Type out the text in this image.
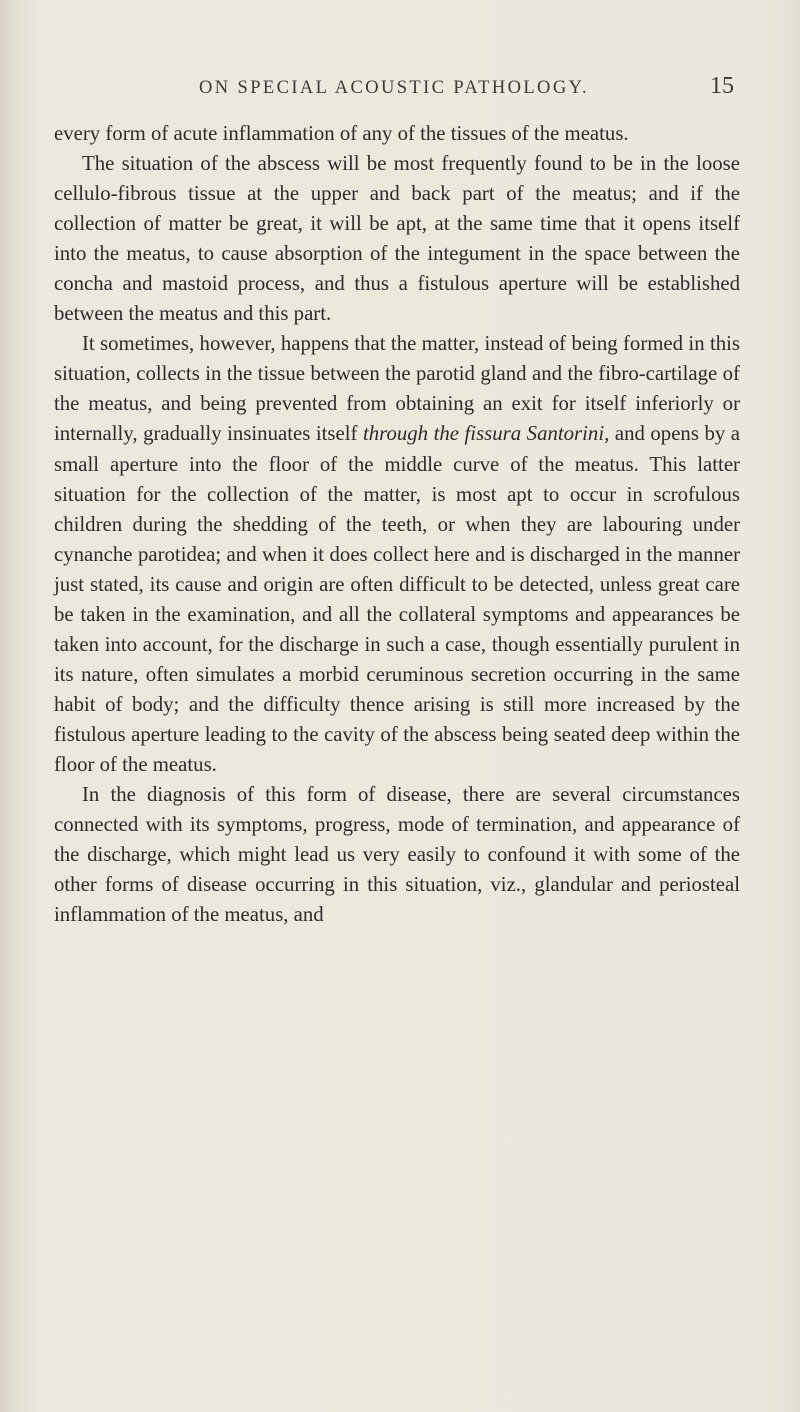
ON SPECIAL ACOUSTIC PATHOLOGY.	15

every form of acute inflammation of any of the tissues of the meatus.

The situation of the abscess will be most frequently found to be in the loose cellulo-fibrous tissue at the upper and back part of the meatus; and if the collection of matter be great, it will be apt, at the same time that it opens itself into the meatus, to cause absorption of the integument in the space between the concha and mastoid process, and thus a fistulous aperture will be established between the meatus and this part.

It sometimes, however, happens that the matter, instead of being formed in this situation, collects in the tissue between the parotid gland and the fibro-cartilage of the meatus, and being prevented from obtaining an exit for itself inferiorly or internally, gradually insinuates itself through the fissura Santorini, and opens by a small aperture into the floor of the middle curve of the meatus. This latter situation for the collection of the matter, is most apt to occur in scrofulous children during the shedding of the teeth, or when they are labouring under cynanche parotidea; and when it does collect here and is discharged in the manner just stated, its cause and origin are often difficult to be detected, unless great care be taken in the examination, and all the collateral symptoms and appearances be taken into account, for the discharge in such a case, though essentially purulent in its nature, often simulates a morbid ceruminous secretion occurring in the same habit of body; and the difficulty thence arising is still more increased by the fistulous aperture leading to the cavity of the abscess being seated deep within the floor of the meatus.

In the diagnosis of this form of disease, there are several circumstances connected with its symptoms, progress, mode of termination, and appearance of the discharge, which might lead us very easily to confound it with some of the other forms of disease occurring in this situation, viz., glandular and periosteal inflammation of the meatus, and
